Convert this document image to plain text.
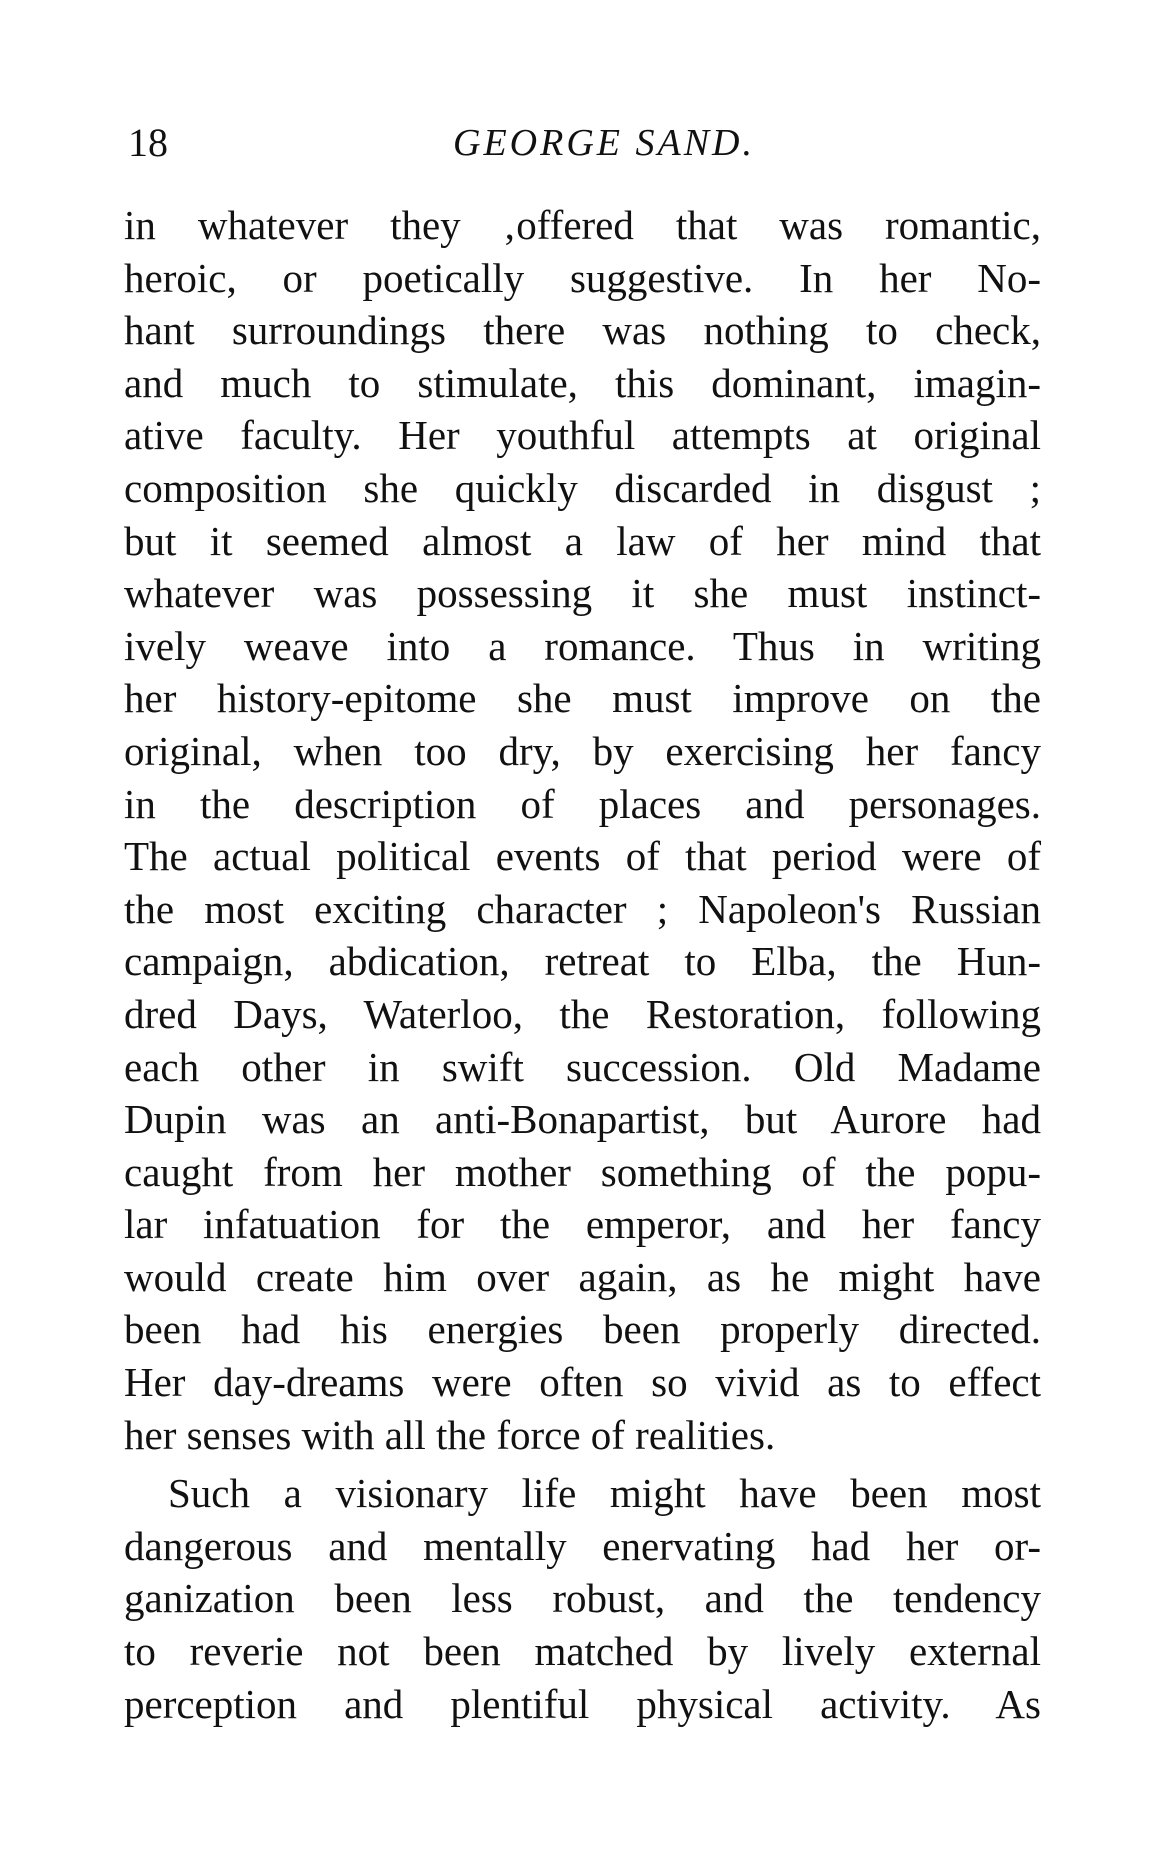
18	GEORGE SAND.
in whatever they ‚offered that was romantic,
heroic, or poetically suggestive. In her No-
hant surroundings there was nothing to check,
and much to stimulate, this dominant, imagin-
ative faculty. Her youthful attempts at original
composition she quickly discarded in disgust ;
but it seemed almost a law of her mind that
whatever was possessing it she must instinct-
ively weave into a romance. Thus in writing
her history-epitome she must improve on the
original, when too dry, by exercising her fancy
in the description of places and personages.
The actual political events of that period were of
the most exciting character ; Napoleon's Russian
campaign, abdication, retreat to Elba, the Hun-
dred Days, Waterloo, the Restoration, following
each other in swift succession. Old Madame
Dupin was an anti-Bonapartist, but Aurore had
caught from her mother something of the popu-
lar infatuation for the emperor, and her fancy
would create him over again, as he might have
been had his energies been properly directed.
Her day-dreams were often so vivid as to effect
her senses with all the force of realities.
Such a visionary life might have been most
dangerous and mentally enervating had her or-
ganization been less robust, and the tendency
to reverie not been matched by lively external
perception and plentiful physical activity. As
